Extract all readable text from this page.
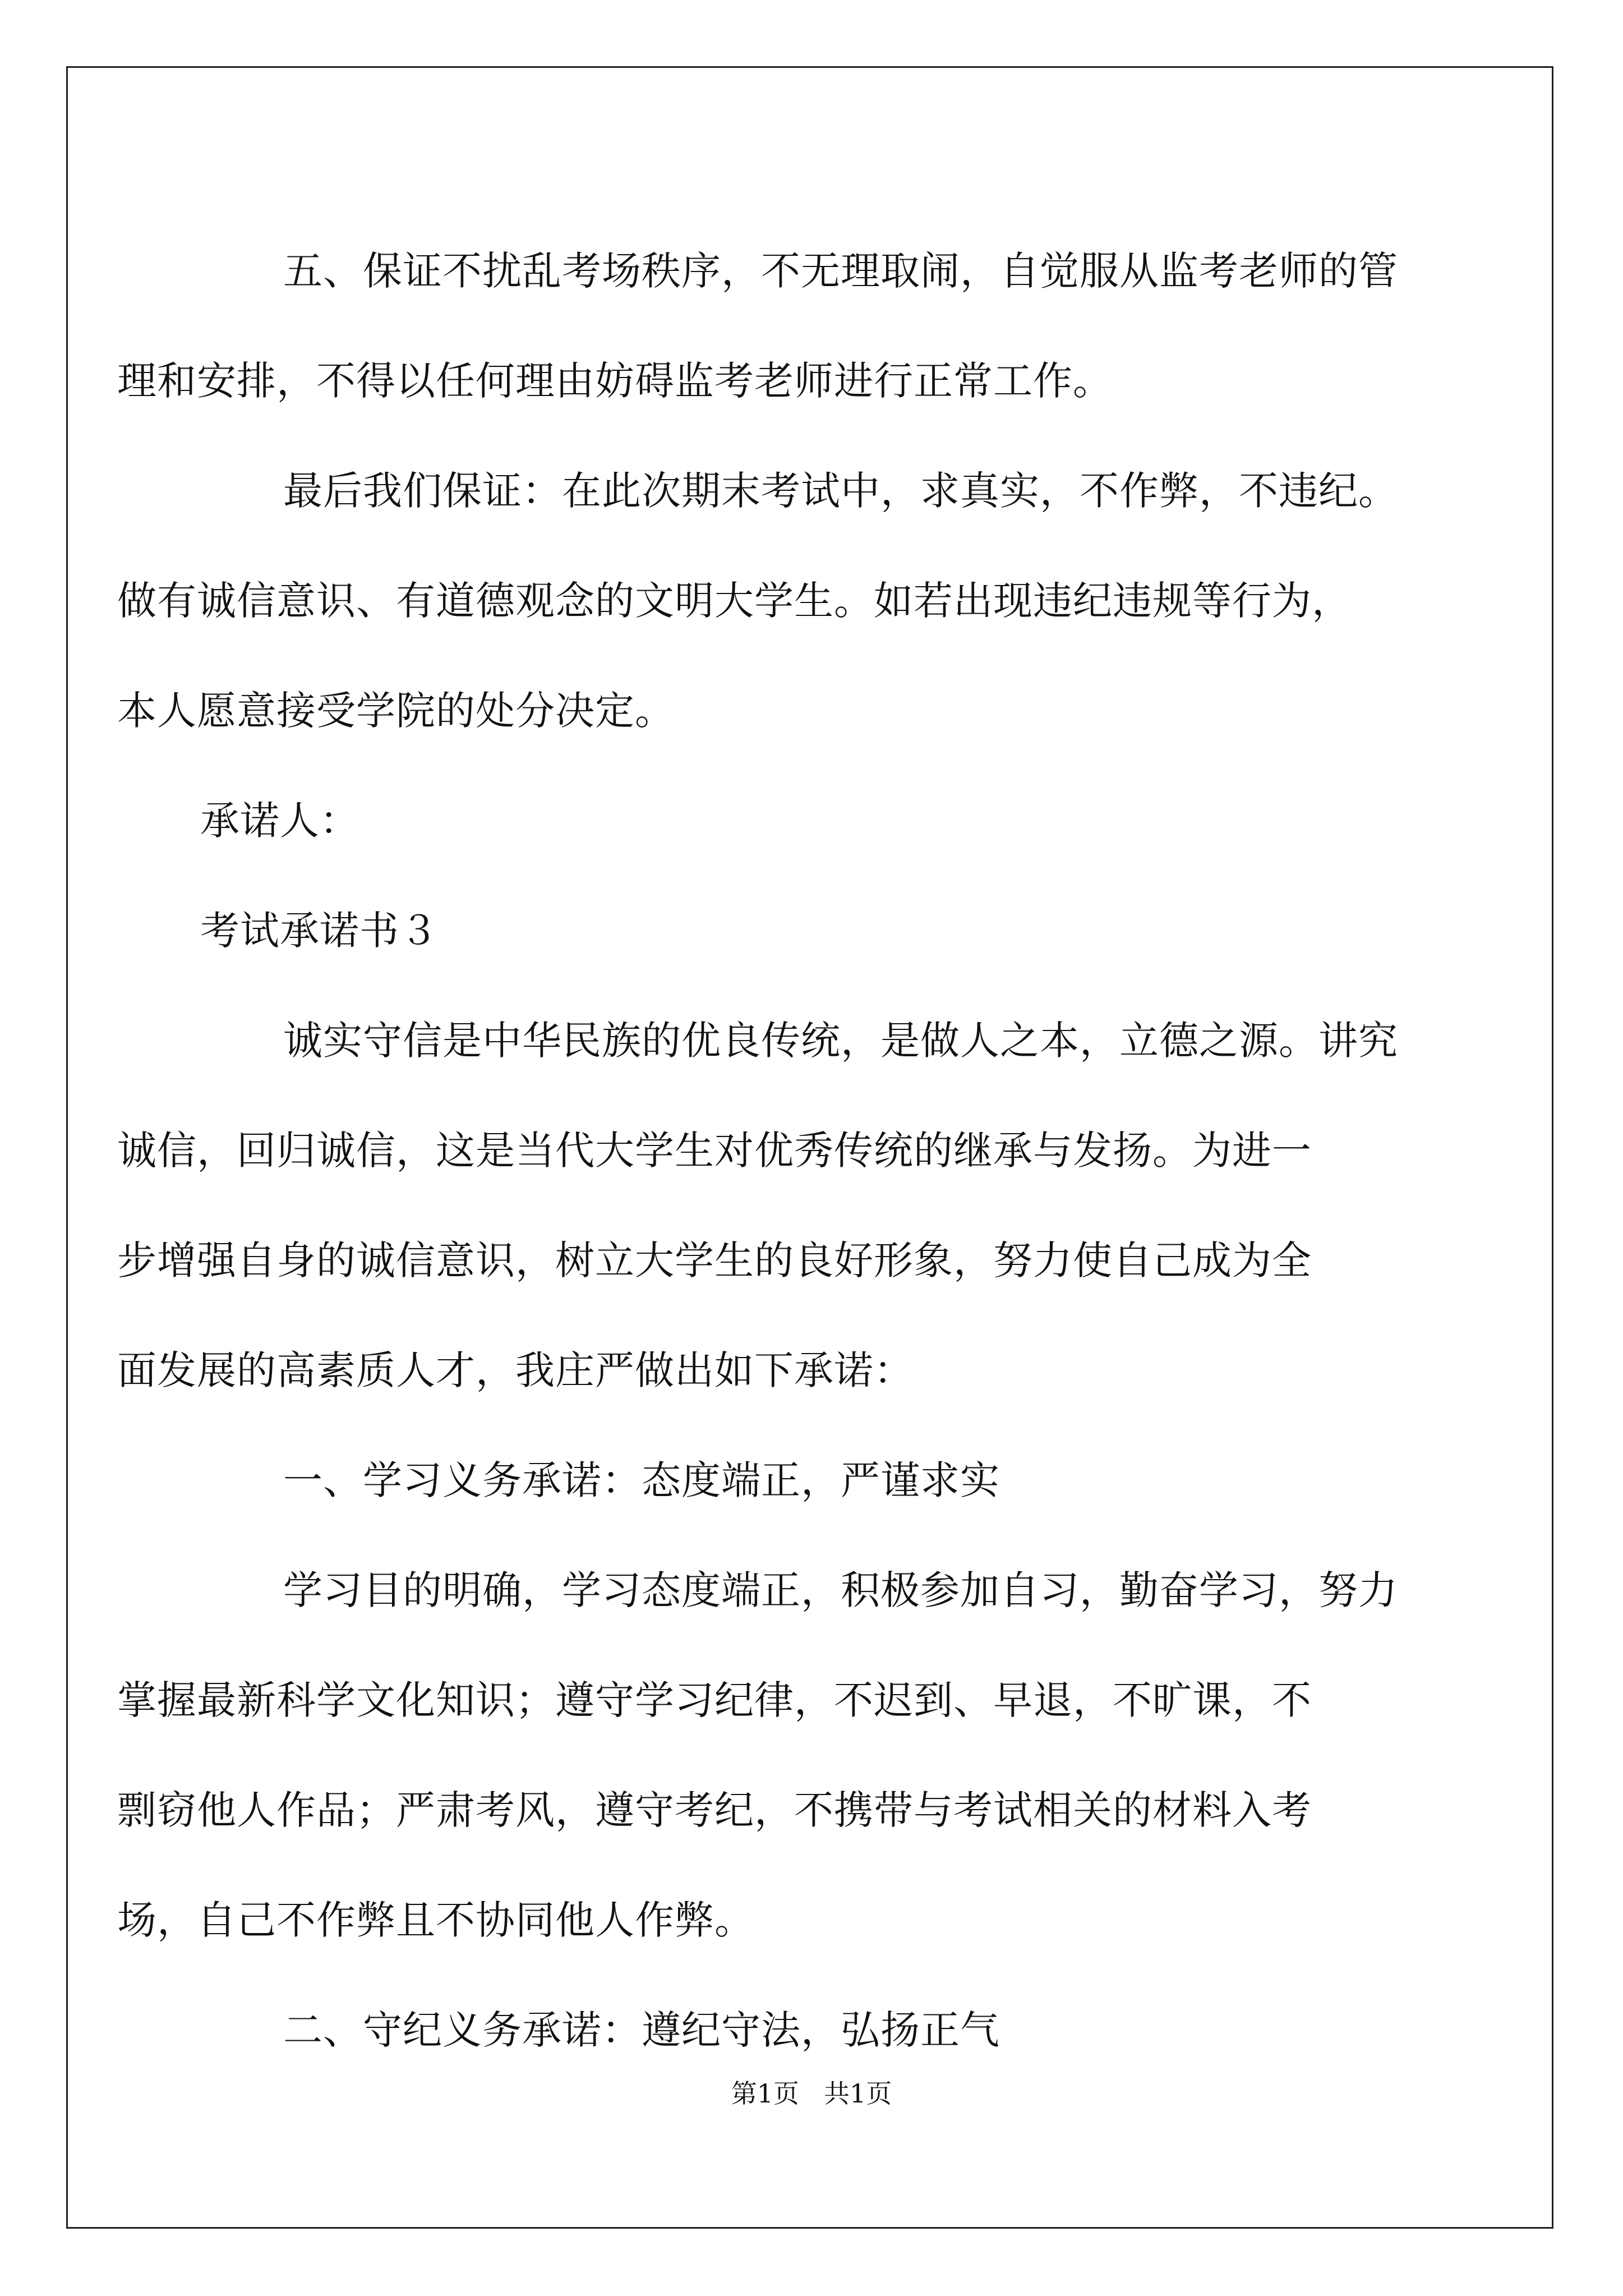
五、保证不扰乱考场秩序，不无理取闹，自觉服从监考老师的管
理和安排，不得以任何理由妨碍监考老师进行正常工作。

最后我们保证：在此次期末考试中，求真实，不作弊，不违纪。
做有诚信意识、有道德观念的文明大学生。如若出现违纪违规等行为，
本人愿意接受学院的处分决定。

承诺人：

考试承诺书３

诚实守信是中华民族的优良传统，是做人之本，立德之源。讲究
诚信，回归诚信，这是当代大学生对优秀传统的继承与发扬。为进一
步增强自身的诚信意识，树立大学生的良好形象，努力使自己成为全
面发展的高素质人才，我庄严做出如下承诺：

一、学习义务承诺：态度端正，严谨求实

学习目的明确，学习态度端正，积极参加自习，勤奋学习，努力
掌握最新科学文化知识；遵守学习纪律，不迟到、早退，不旷课，不
剽窃他人作品；严肃考风，遵守考纪，不携带与考试相关的材料入考
场，自己不作弊且不协同他人作弊。

二、守纪义务承诺：遵纪守法，弘扬正气

第1页 共1页
